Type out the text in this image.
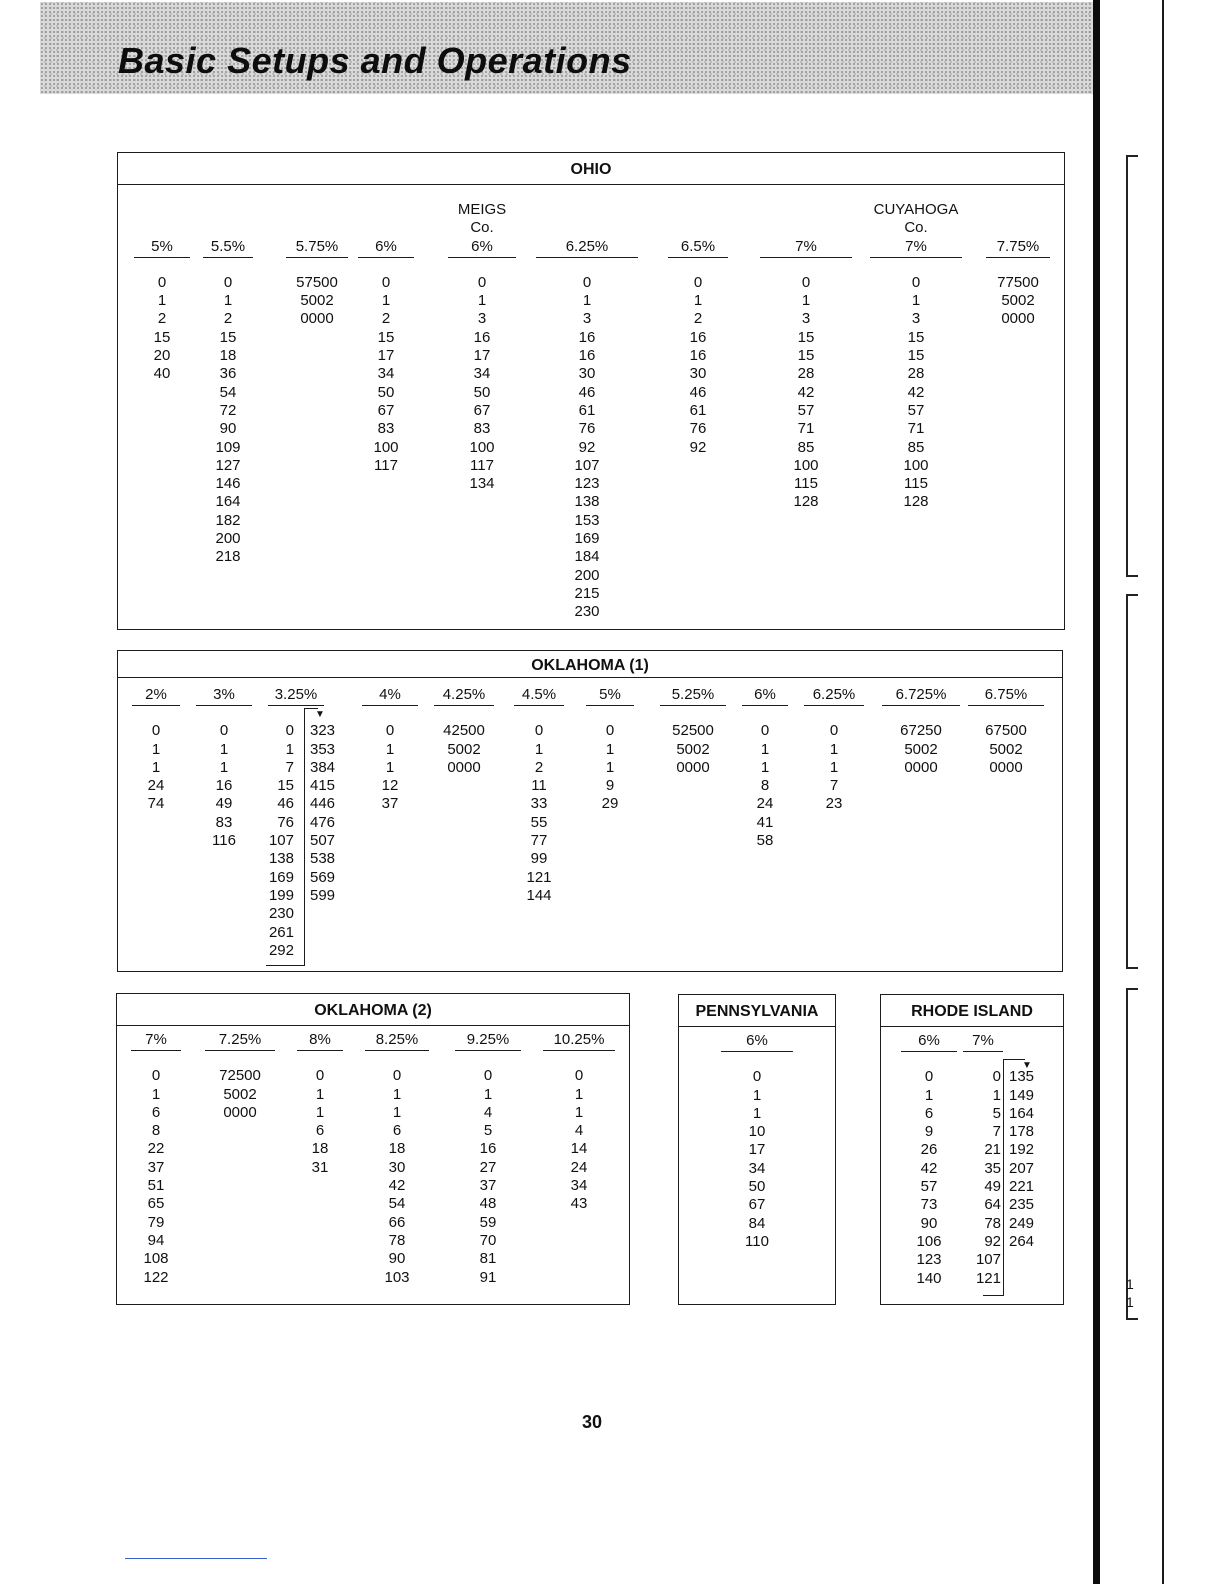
Basic Setups and Operations
1
1
OHIO

5%
0
1
2
15
20
40

5.5%
0
1
2
15
18
36
54
72
90
109
127
146
164
182
200
218

5.75%
57500
5002
0000

6%
0
1
2
15
17
34
50
67
83
100
117
MEIGS
Co.
6%
0
1
3
16
17
34
50
67
83
100
117
134

6.25%
0
1
3
16
16
30
46
61
76
92
107
123
138
153
169
184
200
215
230

6.5%
0
1
2
16
16
30
46
61
76
92

7%
0
1
3
15
15
28
42
57
71
85
100
115
128
CUYAHOGA
Co.
7%
0
1
3
15
15
28
42
57
71
85
100
115
128

7.75%
77500
5002
0000
OKLAHOMA (1)
2%
0
1
1
24
74
3%
0
1
1
16
49
83
116
3.25%
0
1
7
15
46
76
107
138
169
199
230
261
292

323
353
384
415
446
476
507
538
569
599
4%
0
1
1
12
37
4.25%
42500
5002
0000
4.5%
0
1
2
11
33
55
77
99
121
144
5%
0
1
1
9
29
5.25%
52500
5002
0000
6%
0
1
1
8
24
41
58
6.25%
0
1
1
7
23
6.725%
67250
5002
0000
6.75%
67500
5002
0000
OKLAHOMA (2)
7%
0
1
6
8
22
37
51
65
79
94
108
122
7.25%
72500
5002
0000
8%
0
1
1
6
18
31
8.25%
0
1
1
6
18
30
42
54
66
78
90
103
9.25%
0
1
4
5
16
27
37
48
59
70
81
91
10.25%
0
1
1
4
14
24
34
43
PENNSYLVANIA
6%
0
1
1
10
17
34
50
67
84
110
RHODE ISLAND
6%
0
1
6
9
26
42
57
73
90
106
123
140
7%
0
1
5
7
21
35
49
64
78
92
107
121

135
149
164
178
192
207
221
235
249
264
▼
▼
30
